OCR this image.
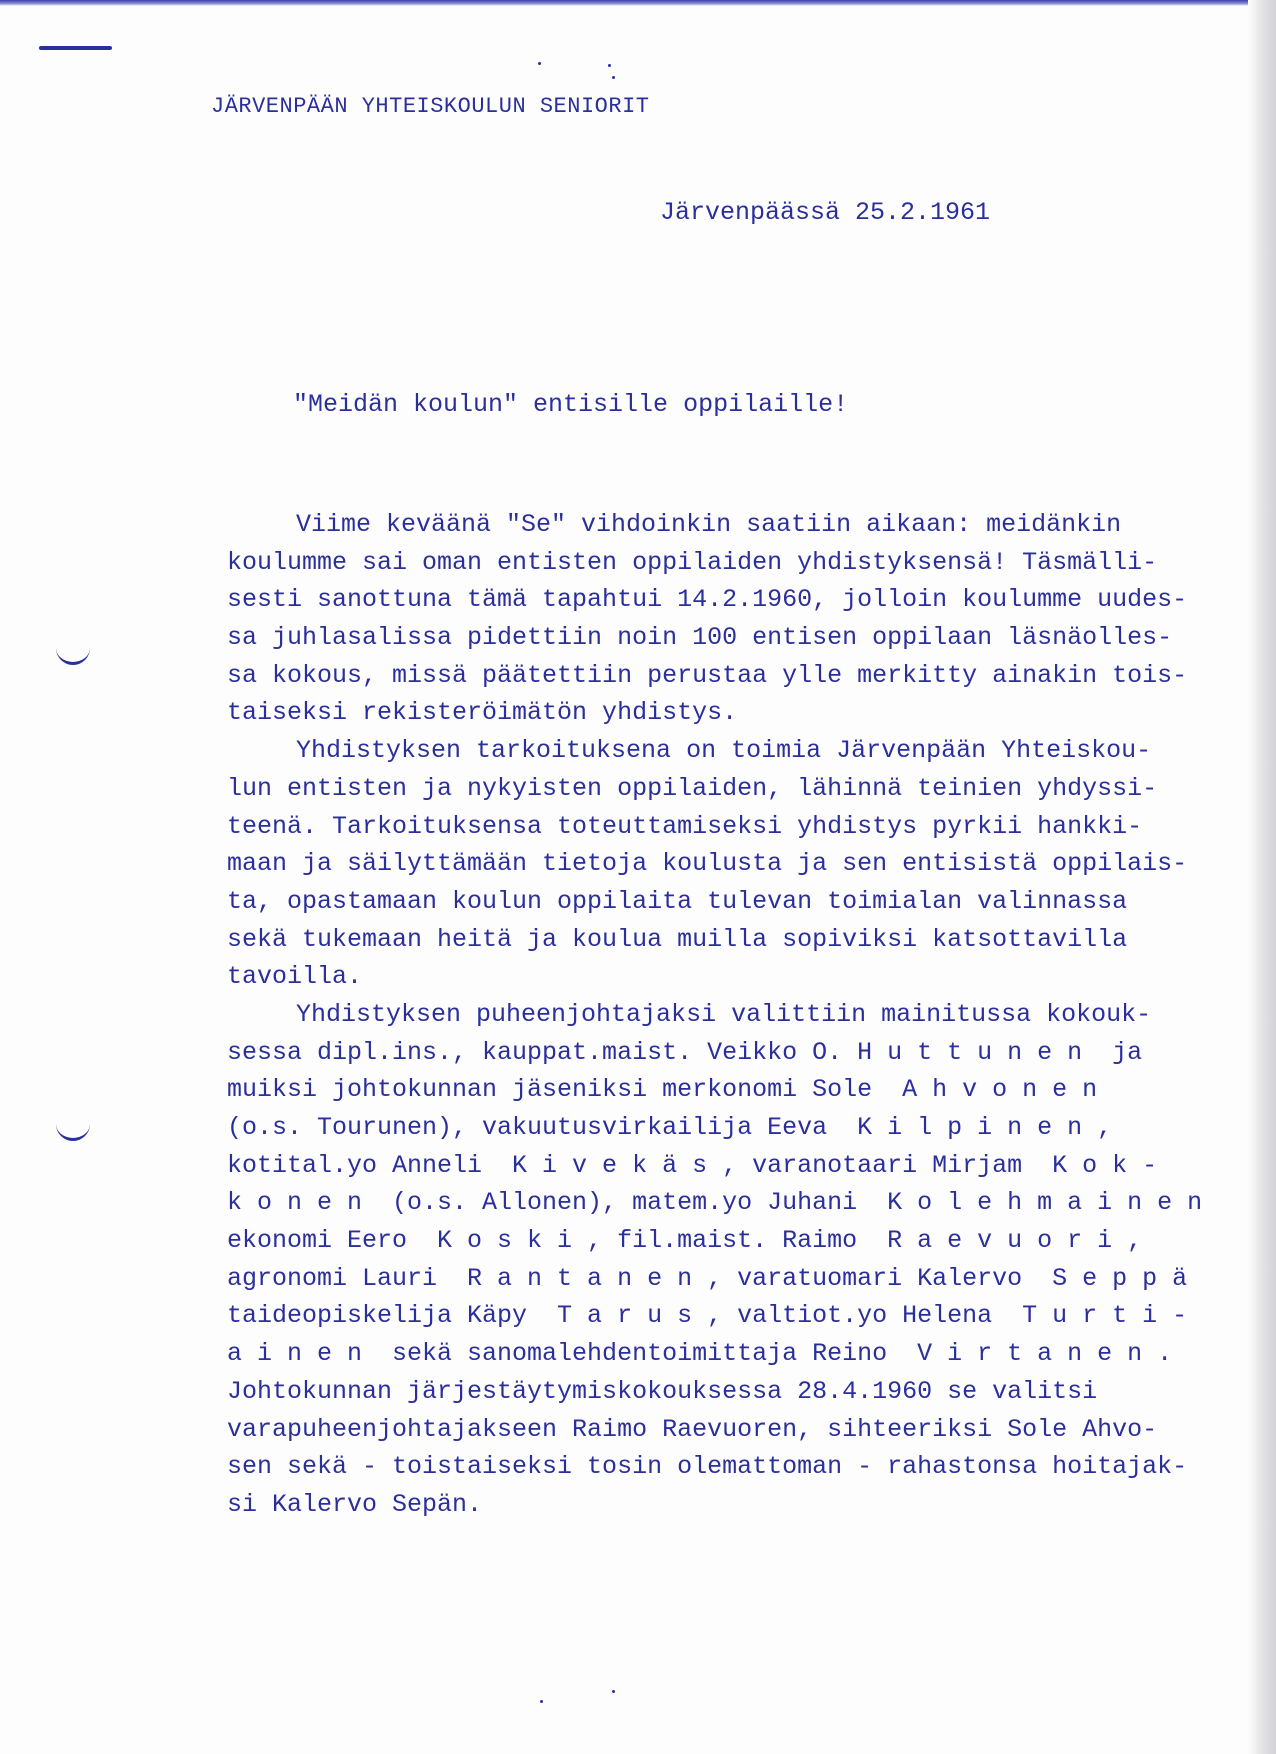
JÄRVENPÄÄN YHTEISKOULUN SENIORIT
Järvenpäässä 25.2.1961
"Meidän koulun" entisille oppilaille!
Viime keväänä "Se" vihdoinkin saatiin aikaan: meidänkin
koulumme sai oman entisten oppilaiden yhdistyksensä! Täsmälli-
sesti sanottuna tämä tapahtui 14.2.1960, jolloin koulumme uudes-
sa juhlasalissa pidettiin noin 100 entisen oppilaan läsnäolles-
sa kokous, missä päätettiin perustaa ylle merkitty ainakin tois-
taiseksi rekisteröimätön yhdistys.
Yhdistyksen tarkoituksena on toimia Järvenpään Yhteiskou-
lun entisten ja nykyisten oppilaiden, lähinnä teinien yhdyssi-
teenä. Tarkoituksensa toteuttamiseksi yhdistys pyrkii hankki-
maan ja säilyttämään tietoja koulusta ja sen entisistä oppilais-
ta, opastamaan koulun oppilaita tulevan toimialan valinnassa
sekä tukemaan heitä ja koulua muilla sopiviksi katsottavilla
tavoilla.
Yhdistyksen puheenjohtajaksi valittiin mainitussa kokouk-
sessa dipl.ins., kauppat.maist. Veikko O. H u t t u n e n  ja
muiksi johtokunnan jäseniksi merkonomi Sole  A h v o n e n
(o.s. Tourunen), vakuutusvirkailija Eeva  K i l p i n e n ,
kotital.yo Anneli  K i v e k ä s , varanotaari Mirjam  K o k -
k o n e n  (o.s. Allonen), matem.yo Juhani  K o l e h m a i n e n
ekonomi Eero  K o s k i , fil.maist. Raimo  R a e v u o r i ,
agronomi Lauri  R a n t a n e n , varatuomari Kalervo  S e p p ä
taideopiskelija Käpy  T a r u s , valtiot.yo Helena  T u r t i -
a i n e n  sekä sanomalehdentoimittaja Reino  V i r t a n e n .
Johtokunnan järjestäytymiskokouksessa 28.4.1960 se valitsi
varapuheenjohtajakseen Raimo Raevuoren, sihteeriksi Sole Ahvo-
sen sekä - toistaiseksi tosin olemattoman - rahastonsa hoitajak-
si Kalervo Sepän.
